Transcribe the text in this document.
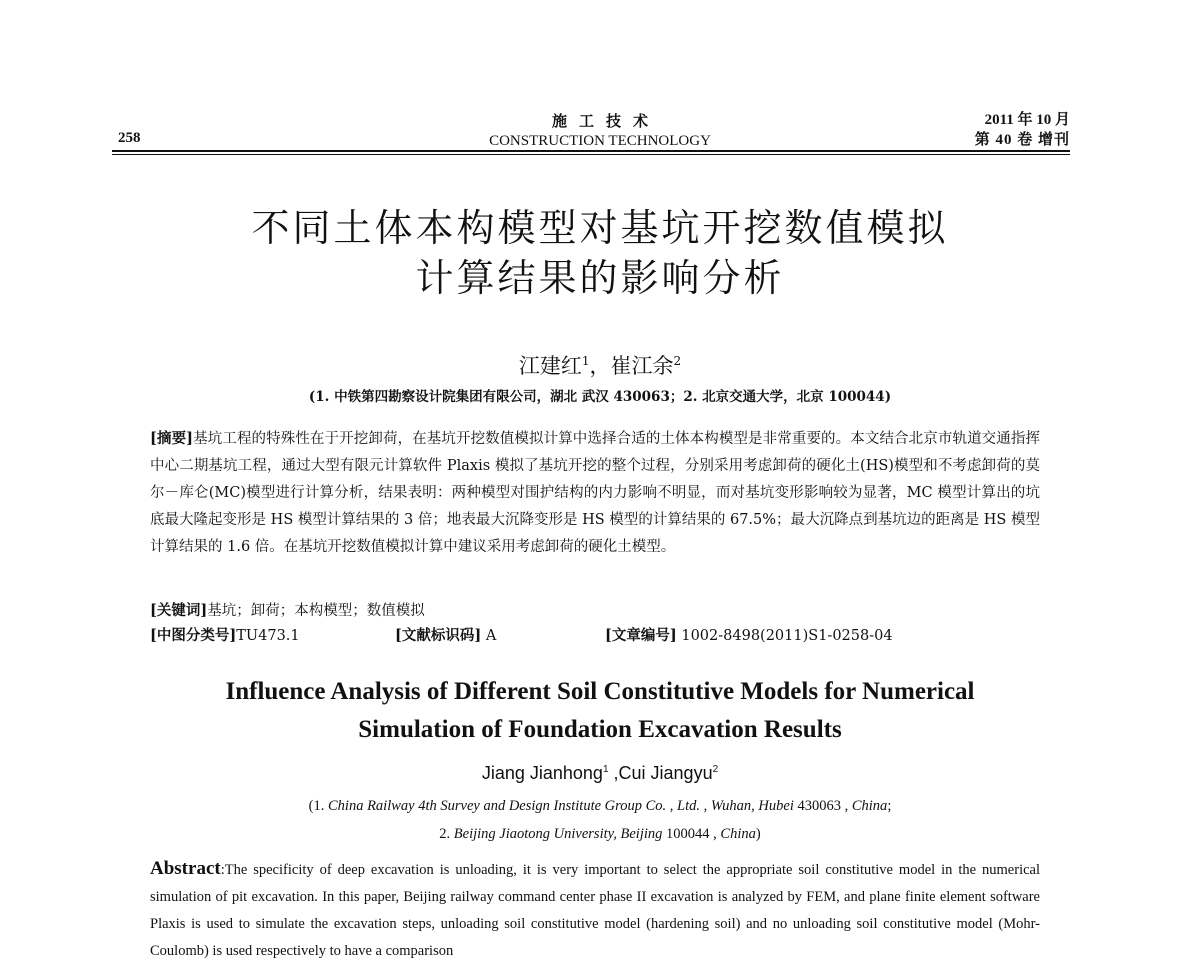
258
施工技术
CONSTRUCTION TECHNOLOGY
2011 年 10 月
第 40 卷 增刊
不同土体本构模型对基坑开挖数值模拟
计算结果的影响分析
江建红$^1$，崔江余$^2$
(1. 中铁第四勘察设计院集团有限公司，湖北 武汉 430063；2. 北京交通大学，北京 100044)
[摘要]基坑工程的特殊性在于开挖卸荷，在基坑开挖数值模拟计算中选择合适的土体本构模型是非常重要的。本文结合北京市轨道交通指挥中心二期基坑工程，通过大型有限元计算软件 Plaxis 模拟了基坑开挖的整个过程，分别采用考虑卸荷的硬化土(HS)模型和不考虑卸荷的莫尔－库仑(MC)模型进行计算分析，结果表明：两种模型对围护结构的内力影响不明显，而对基坑变形影响较为显著，MC 模型计算出的坑底最大隆起变形是 HS 模型计算结果的 3 倍；地表最大沉降变形是 HS 模型的计算结果的 67.5%；最大沉降点到基坑边的距离是 HS 模型计算结果的 1.6 倍。在基坑开挖数值模拟计算中建议采用考虑卸荷的硬化土模型。
[关键词]基坑；卸荷；本构模型；数值模拟
[中图分类号]TU473.1	[文献标识码] A	[文章编号] 1002-8498(2011)S1-0258-04
Influence Analysis of Different Soil Constitutive Models for Numerical
Simulation of Foundation Excavation Results
Jiang Jianhong$^1$ ,Cui Jiangyu$^2$
(1. China Railway 4th Survey and Design Institute Group Co. , Ltd. , Wuhan, Hubei 430063 , China;
2. Beijing Jiaotong University, Beijing 100044 , China)
Abstract:The specificity of deep excavation is unloading, it is very important to select the appropriate soil constitutive model in the numerical simulation of pit excavation. In this paper, Beijing railway command center phase II excavation is analyzed by FEM, and plane finite element software Plaxis is used to simulate the excavation steps, unloading soil constitutive model (hardening soil) and no unloading soil constitutive model (Mohr-Coulomb) is used respectively to have a comparison
